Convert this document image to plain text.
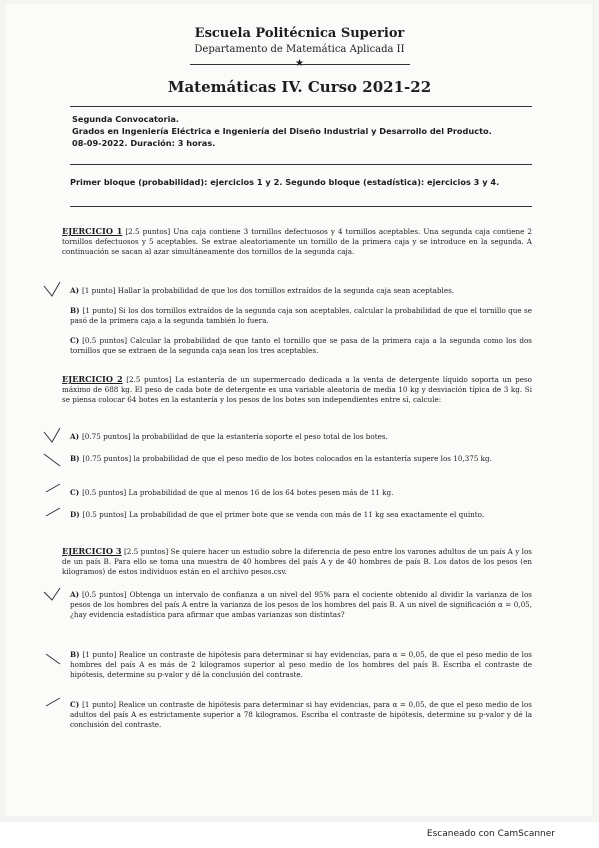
Escuela Politécnica Superior
Departamento de Matemática Aplicada II
★
Matemáticas IV. Curso 2021-22
Segunda Convocatoria.
Grados en Ingeniería Eléctrica e Ingeniería del Diseño Industrial y Desarrollo del Producto.
08-09-2022. Duración: 3 horas.
Primer bloque (probabilidad): ejercicios 1 y 2. Segundo bloque (estadística): ejercicios 3 y 4.
EJERCICIO 1 [2.5 puntos] Una caja contiene 3 tornillos defectuosos y 4 tornillos aceptables. Una segunda caja contiene 2 tornillos defectuosos y 5 aceptables. Se extrae aleatoriamente un tornillo de la primera caja y se introduce en la segunda. A continuación se sacan al azar simultáneamente dos tornillos de la segunda caja.
A) [1 punto] Hallar la probabilidad de que los dos tornillos extraídos de la segunda caja sean aceptables.
B) [1 punto] Si los dos tornillos extraídos de la segunda caja son aceptables, calcular la probabilidad de que el tornillo que se pasó de la primera caja a la segunda también lo fuera.
C) [0.5 puntos] Calcular la probabilidad de que tanto el tornillo que se pasa de la primera caja a la segunda como los dos tornillos que se extraen de la segunda caja sean los tres aceptables.
EJERCICIO 2 [2.5 puntos] La estantería de un supermercado dedicada a la venta de detergente líquido soporta un peso máximo de 688 kg. El peso de cada bote de detergente es una variable aleatoria de media 10 kg y desviación típica de 3 kg. Si se piensa colocar 64 botes en la estantería y los pesos de los botes son independientes entre sí, calcule:
A) [0.75 puntos] la probabilidad de que la estantería soporte el peso total de los botes.
B) [0.75 puntos] la probabilidad de que el peso medio de los botes colocados en la estantería supere los 10,375 kg.
C) [0.5 puntos] La probabilidad de que al menos 16 de los 64 botes pesen más de 11 kg.
D) [0.5 puntos] La probabilidad de que el primer bote que se venda con más de 11 kg sea exactamente el quinto.
EJERCICIO 3 [2.5 puntos] Se quiere hacer un estudio sobre la diferencia de peso entre los varones adultos de un país A y los de un país B. Para ello se toma una muestra de 40 hombres del país A y de 40 hombres de país B. Los datos de los pesos (en kilogramos) de estos individuos están en el archivo pesos.csv.
A) [0.5 puntos] Obtenga un intervalo de confianza a un nivel del 95% para el cociente obtenido al dividir la varianza de los pesos de los hombres del país A entre la varianza de los pesos de los hombres del país B. A un nivel de significación α = 0,05, ¿hay evidencia estadística para afirmar que ambas varianzas son distintas?
B) [1 punto] Realice un contraste de hipótesis para determinar si hay evidencias, para α = 0,05, de que el peso medio de los hombres del país A es más de 2 kilogramos superior al peso medio de los hombres del país B. Escriba el contraste de hipótesis, determine su p-valor y dé la conclusión del contraste.
C) [1 punto] Realice un contraste de hipótesis para determinar si hay evidencias, para α = 0,05, de que el peso medio de los adultos del país A es estrictamente superior a 78 kilogramos. Escriba el contraste de hipótesis, determine su p-valor y dé la conclusión del contraste.
Escaneado con CamScanner
